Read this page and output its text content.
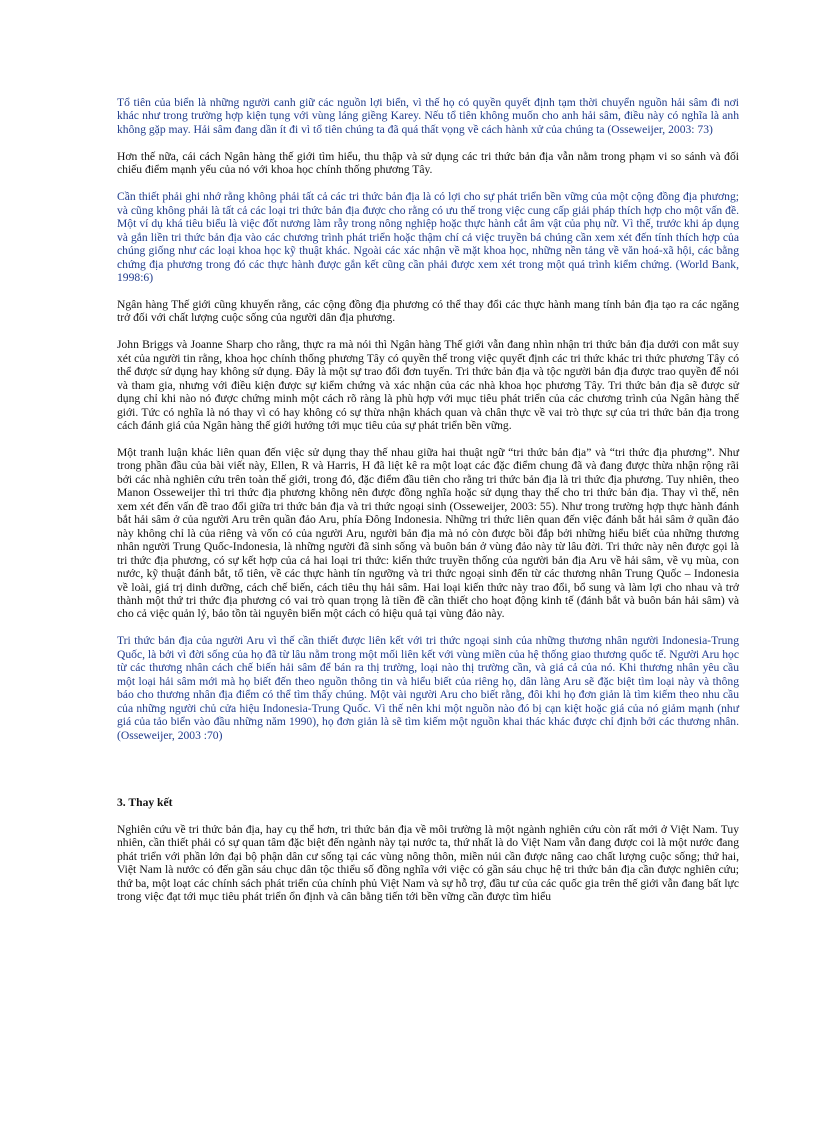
Tổ tiên của biển là những người canh giữ các nguồn lợi biển, vì thế họ có quyền quyết định tạm thời chuyển nguồn hải sâm đi nơi khác như trong trường hợp kiện tụng với vùng láng giềng Karey. Nếu tổ tiên không muốn cho anh hải sâm, điều này có nghĩa là anh không gặp may. Hải sâm đang dần ít đi vì tổ tiên chúng ta đã quá thất vọng về cách hành xử của chúng ta (Osseweijer, 2003: 73)

Hơn thế nữa, cái cách Ngân hàng thế giới tìm hiểu, thu thập và sử dụng các tri thức bản địa vẫn nằm trong phạm vi so sánh và đối chiếu điểm mạnh yếu của nó với khoa học chính thống phương Tây.

Cần thiết phải ghi nhớ rằng không phải tất cả các tri thức bản địa là có lợi cho sự phát triển bền vững của một cộng đồng địa phương; và cũng không phải là tất cả các loại tri thức bản địa được cho rằng có ưu thế trong việc cung cấp giải pháp thích hợp cho một vấn đề. Một ví dụ khá tiêu biểu là việc đốt nương làm rẫy trong nông nghiệp hoặc thực hành cắt âm vật của phụ nữ. Vì thế, trước khi áp dụng và gắn liền tri thức bản địa vào các chương trình phát triển hoặc thậm chí cả việc truyền bá chúng cần xem xét đến tính thích hợp của chúng giống như các loại khoa học kỹ thuật khác. Ngoài các xác nhận về mặt khoa học, những nền tảng về văn hoá-xã hội, các bằng chứng địa phương trong đó các thực hành được gắn kết cũng cần phải được xem xét trong một quá trình kiểm chứng. (World Bank, 1998:6)

Ngân hàng Thế giới cũng khuyến rằng, các cộng đồng địa phương có thể thay đổi các thực hành mang tính bản địa tạo ra các ngăng trở đối với chất lượng cuộc sống của người dân địa phương.

John Briggs và Joanne Sharp cho rằng, thực ra mà nói thì Ngân hàng Thế giới vẫn đang nhìn nhận tri thức bản địa dưới con mắt suy xét của người tin rằng, khoa học chính thống phương Tây có quyền thế trong việc quyết định các tri thức khác tri thức phương Tây có thể được sử dụng hay không sử dụng. Đây là một sự trao đổi đơn tuyến. Tri thức bản địa và tộc người bản địa được trao quyền để nói và tham gia, nhưng với điều kiện được sự kiểm chứng và xác nhận của các nhà khoa học phương Tây. Tri thức bản địa sẽ được sử dụng chỉ khi nào nó được chứng minh một cách rõ ràng là phù hợp với mục tiêu phát triển của các chương trình của Ngân hàng thế giới. Tức có nghĩa là nó thay vì có hay không có sự thừa nhận khách quan và chân thực về vai trò thực sự của tri thức bản địa trong cách đánh giá của Ngân hàng thế giới hướng tới mục tiêu của sự phát triển bền vững.

Một tranh luận khác liên quan đến việc sử dụng thay thế nhau giữa hai thuật ngữ “tri thức bản địa” và “tri thức địa phương”. Như trong phần đầu của bài viết này, Ellen, R và Harris, H đã liệt kê ra một loạt các đặc điểm chung đã và đang được thừa nhận rộng rãi bởi các nhà nghiên cứu trên toàn thế giới, trong đó, đặc điểm đầu tiên cho rằng tri thức bản địa là tri thức địa phương. Tuy nhiên, theo Manon Osseweijer thì tri thức địa phương không nên được đồng nghĩa hoặc sử dụng thay thế cho tri thức bản địa. Thay vì thế, nên xem xét đến vấn đề trao đổi giữa tri thức bản địa và tri thức ngoại sinh (Osseweijer, 2003: 55). Như trong trường hợp thực hành đánh bắt hải sâm ở của người Aru trên quần đảo Aru, phía Đông Indonesia. Những tri thức liên quan đến việc đánh bắt hải sâm ở quần đảo này không chỉ là của riêng và vốn có của người Aru, người bản địa mà nó còn được bồi đắp bởi những hiểu biết của những thương nhân người Trung Quốc-Indonesia, là những người đã sinh sống và buôn bán ở vùng đảo này từ lâu đời. Tri thức này nên được gọi là tri thức địa phương, có sự kết hợp của cả hai loại tri thức: kiến thức truyền thống của người bản địa Aru về hải sâm, về vụ mùa, con nước, kỹ thuật đánh bắt, tổ tiên, về các thực hành tín ngưỡng và tri thức ngoại sinh đến từ các thương nhân Trung Quốc – Indonesia về loài, giá trị dinh dưỡng, cách chế biến, cách tiêu thụ hải sâm. Hai loại kiến thức này trao đổi, bổ sung và làm lợi cho nhau và trở thành một thứ tri thức địa phương có vai trò quan trọng là tiền đề cần thiết cho hoạt động kinh tế (đánh bắt và buôn bán hải sâm) và cho cả việc quản lý, bảo tồn tài nguyên biển một cách có hiệu quả tại vùng đảo này.

Tri thức bản địa của người Aru vì thế cần thiết được liên kết với tri thức ngoại sinh của những thương nhân người Indonesia-Trung Quốc, là bởi vì đời sống của họ đã từ lâu nằm trong một mối liên kết với vùng miền của hệ thống giao thương quốc tế. Người Aru học từ các thương nhân cách chế biến hải sâm để bán ra thị trường, loại nào thị trường cần, và giá cả của nó. Khi thương nhân yêu cầu một loại hải sâm mới mà họ biết đến theo nguồn thông tin và hiểu biết của riêng họ, dân làng Aru sẽ đặc biệt tìm loại này và thông báo cho thương nhân địa điểm có thể tìm thấy chúng. Một vài người Aru cho biết rằng, đôi khi họ đơn giản là tìm kiếm theo nhu cầu của những người chủ cửa hiệu Indonesia-Trung Quốc. Vì thế nên khi một nguồn nào đó bị cạn kiệt hoặc giá của nó giảm mạnh (như giá của tảo biển vào đầu những năm 1990), họ đơn giản là sẽ tìm kiếm một nguồn khai thác khác được chỉ định bởi các thương nhân. (Osseweijer, 2003 :70)

3. Thay kết

Nghiên cứu về tri thức bản địa, hay cụ thể hơn, tri thức bản địa về môi trường là một ngành nghiên cứu còn rất mới ở Việt Nam. Tuy nhiên, cần thiết phải có sự quan tâm đặc biệt đến ngành này tại nước ta, thứ nhất là do Việt Nam vẫn đang được coi là một nước đang phát triển với phần lớn đại bộ phận dân cư sống tại các vùng nông thôn, miền núi cần được nâng cao chất lượng cuộc sống; thứ hai, Việt Nam là nước có đến gần sáu chục dân tộc thiểu số đồng nghĩa với việc có gần sáu chục hệ tri thức bản địa cần được nghiên cứu; thứ ba, một loạt các chính sách phát triển của chính phủ Việt Nam và sự hỗ trợ, đầu tư của các quốc gia trên thế giới vẫn đang bất lực trong việc đạt tới mục tiêu phát triển ổn định và cân bằng tiến tới bền vững cần được tìm hiểu
